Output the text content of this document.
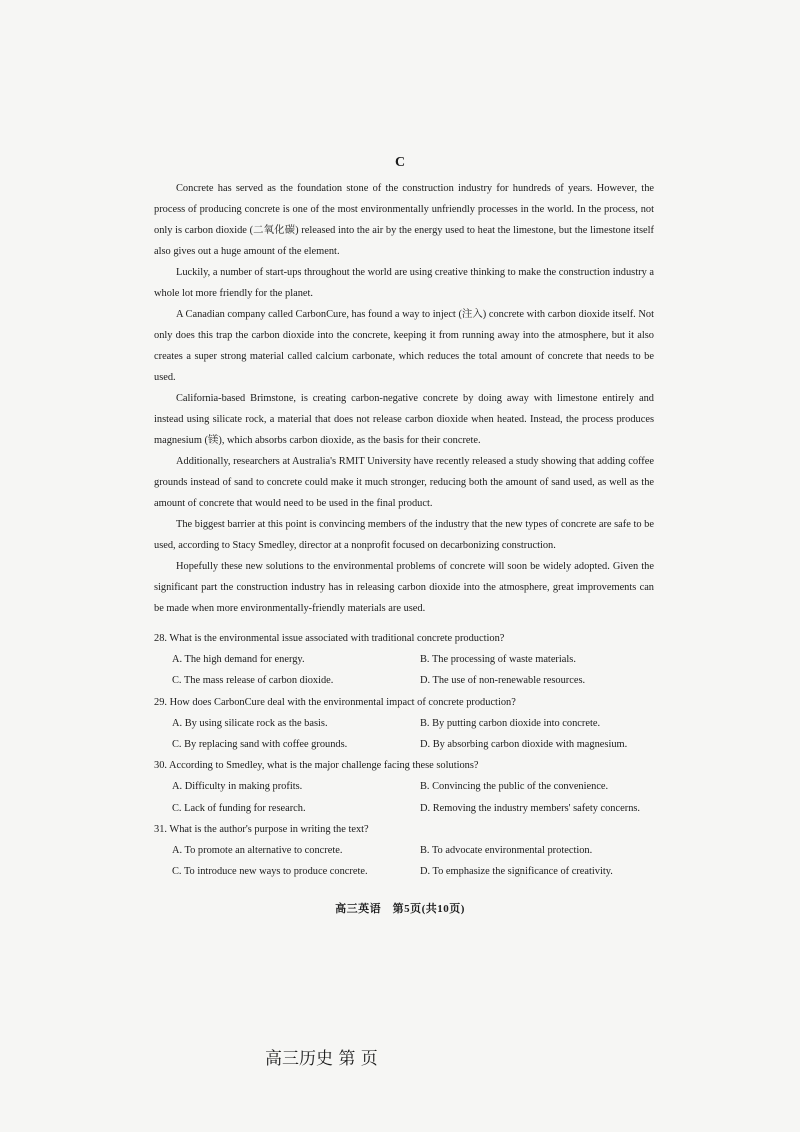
C

Concrete has served as the foundation stone of the construction industry for hundreds of years. However, the process of producing concrete is one of the most environmentally unfriendly processes in the world. In the process, not only is carbon dioxide (二氧化碳) released into the air by the energy used to heat the limestone, but the limestone itself also gives out a huge amount of the element.

Luckily, a number of start-ups throughout the world are using creative thinking to make the construction industry a whole lot more friendly for the planet.

A Canadian company called CarbonCure, has found a way to inject (注入) concrete with carbon dioxide itself. Not only does this trap the carbon dioxide into the concrete, keeping it from running away into the atmosphere, but it also creates a super strong material called calcium carbonate, which reduces the total amount of concrete that needs to be used.

California-based Brimstone, is creating carbon-negative concrete by doing away with limestone entirely and instead using silicate rock, a material that does not release carbon dioxide when heated. Instead, the process produces magnesium (镁), which absorbs carbon dioxide, as the basis for their concrete.

Additionally, researchers at Australia's RMIT University have recently released a study showing that adding coffee grounds instead of sand to concrete could make it much stronger, reducing both the amount of sand used, as well as the amount of concrete that would need to be used in the final product.

The biggest barrier at this point is convincing members of the industry that the new types of concrete are safe to be used, according to Stacy Smedley, director at a nonprofit focused on decarbonizing construction.

Hopefully these new solutions to the environmental problems of concrete will soon be widely adopted. Given the significant part the construction industry has in releasing carbon dioxide into the atmosphere, great improvements can be made when more environmentally-friendly materials are used.

28. What is the environmental issue associated with traditional concrete production?

A. The high demand for energy.	B. The processing of waste materials.
C. The mass release of carbon dioxide.	D. The use of non-renewable resources.

29. How does CarbonCure deal with the environmental impact of concrete production?

A. By using silicate rock as the basis.	B. By putting carbon dioxide into concrete.
C. By replacing sand with coffee grounds.	D. By absorbing carbon dioxide with magnesium.

30. According to Smedley, what is the major challenge facing these solutions?

A. Difficulty in making profits.	B. Convincing the public of the convenience.
C. Lack of funding for research.	D. Removing the industry members' safety concerns.

31. What is the author's purpose in writing the text?

A. To promote an alternative to concrete.	B. To advocate environmental protection.
C. To introduce new ways to produce concrete.	D. To emphasize the significance of creativity.
高三英语　第5页(共10页)
高三历史 第 页
